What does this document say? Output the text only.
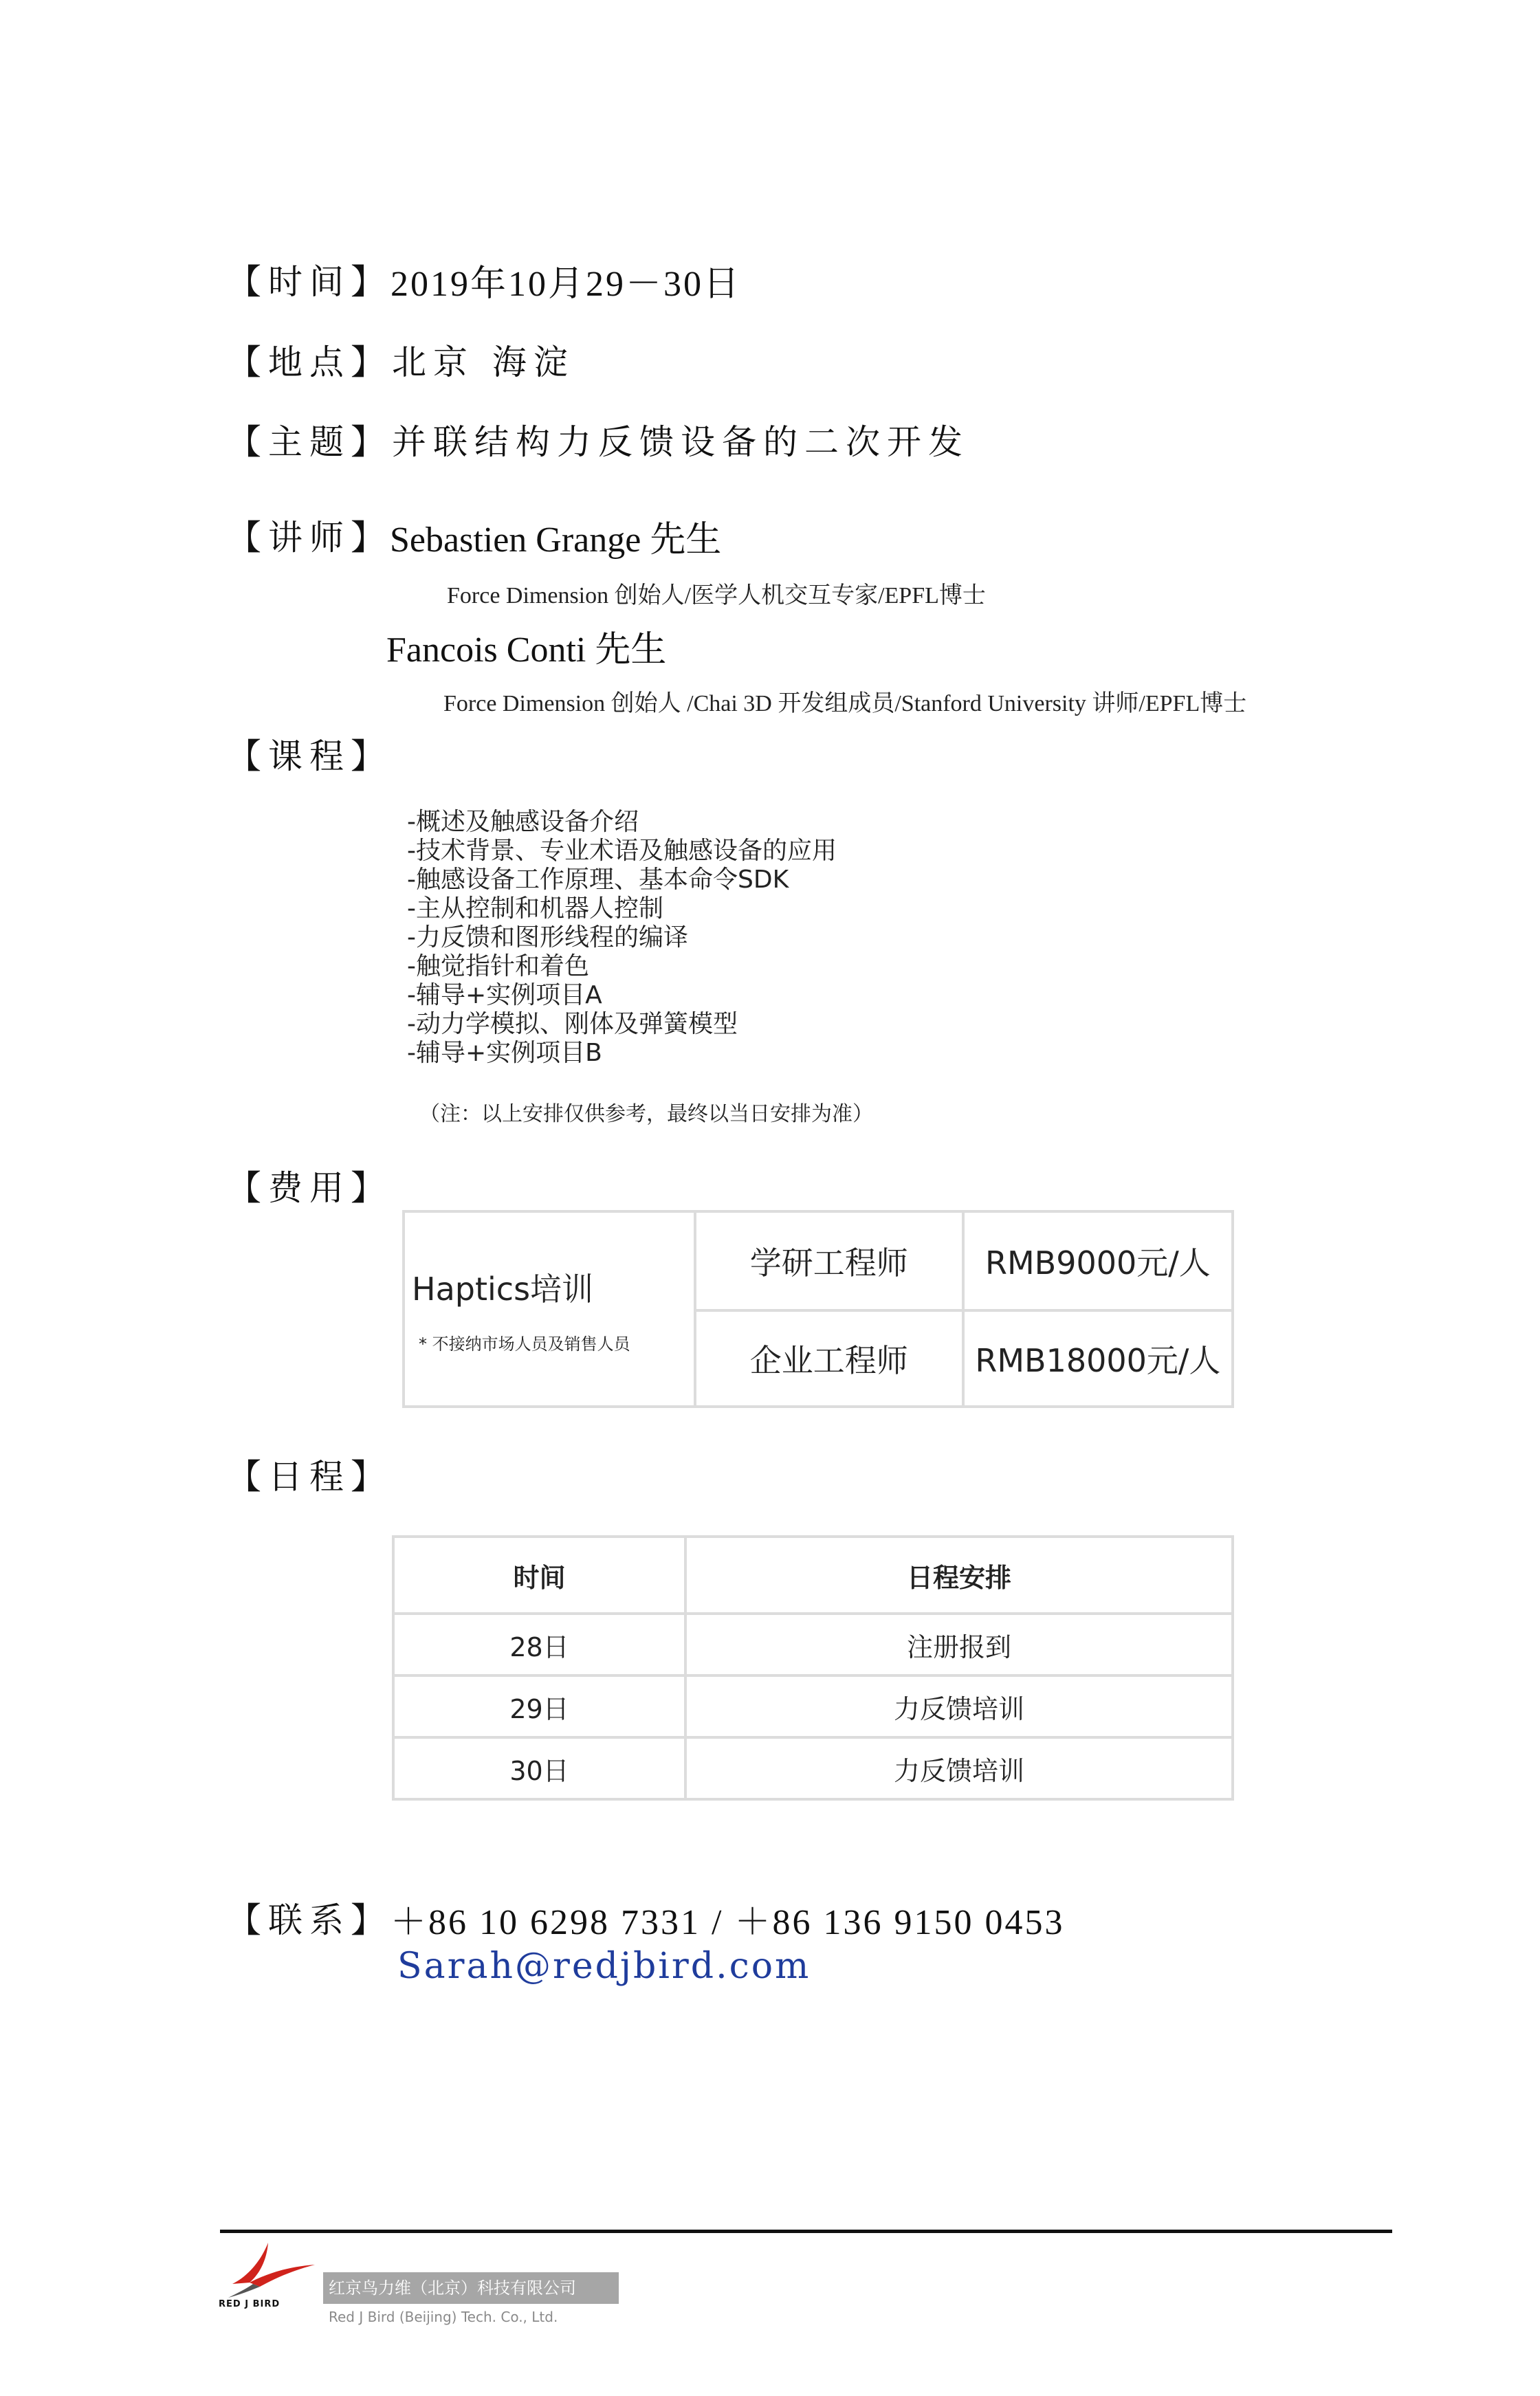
【时间】
2019年10月29－30日
【地点】 北京 海淀
【主题】 并联结构力反馈设备的二次开发
【讲师】
Sebastien Grange 先生
Force Dimension 创始人/医学人机交互专家/EPFL博士
Fancois Conti 先生
Force Dimension 创始人 /Chai 3D 开发组成员/Stanford University 讲师/EPFL博士
【课程】
-概述及触感设备介绍
-技术背景、专业术语及触感设备的应用
-触感设备工作原理、基本命令SDK
-主从控制和机器人控制
-力反馈和图形线程的编译
-触觉指针和着色
-辅导+实例项目A
-动力学模拟、刚体及弹簧模型
-辅导+实例项目B
（注：以上安排仅供参考，最终以当日安排为准）
【费用】
Haptics培训
* 不接纳市场人员及销售人员	学研工程师	RMB9000元/人
	企业工程师	RMB18000元/人
【日程】
时间	日程安排
28日	注册报到
29日	力反馈培训
30日	力反馈培训
【联系】
＋86 10 6298 7331 / ＋86 136 9150 0453
Sarah@redjbird.com
RED J BIRD
红京鸟力维（北京）科技有限公司
Red J Bird (Beijing) Tech. Co., Ltd.
